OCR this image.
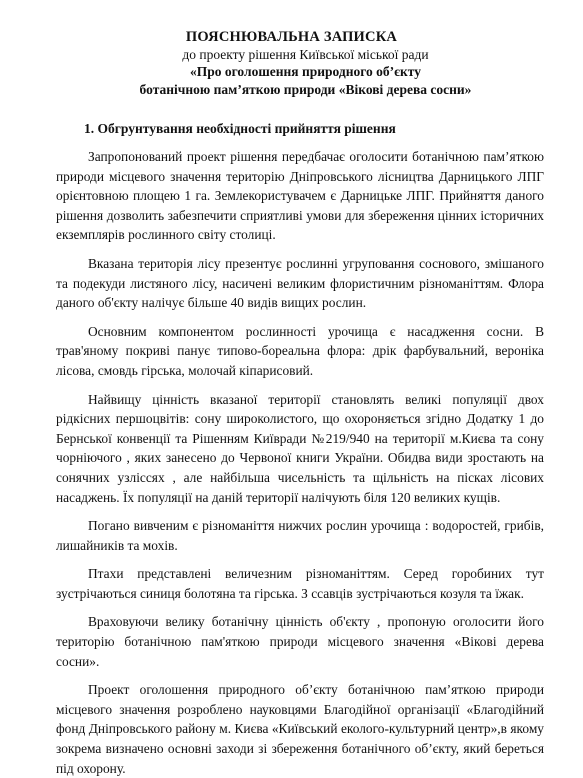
ПОЯСНЮВАЛЬНА ЗАПИСКА
до проекту рішення Київської міської ради
«Про оголошення природного об’єкту
ботанічною пам’яткою природи «Вікові дерева сосни»
1. Обгрунтування необхідності прийняття рішення

Запропонований проект рішення передбачає оголосити ботанічною пам’яткою природи місцевого значення територію Дніпровського лісництва Дарницького ЛПГ орієнтовною площею 1 га. Землекористувачем є Дарницьке ЛПГ. Прийняття даного рішення дозволить забезпечити сприятливі умови для збереження цінних історичних екземплярів рослинного світу столиці.

Вказана територія лісу презентує рослинні угруповання соснового, змішаного та подекуди листяного лісу, насичені великим флористичним різноманіттям. Флора даного об'єкту налічує більше 40 видів вищих рослин.

Основним компонентом рослинності урочища є насадження сосни. В трав'яному покриві панує типово-бореальна флора: дрік фарбувальний, вероніка лісова, смовдь гірська, молочай кіпарисовий.

Найвищу цінність вказаної території становлять великі популяції двох рідкісних першоцвітів: сону широколистого, що охороняється згідно Додатку 1 до Бернської конвенції та Рішенням Київради №219/940 на території м.Києва та сону чорніючого , яких занесено до Червоної книги України. Обидва види зростають на сонячних узліссях , але найбільша чисельність та щільність на пісках лісових насаджень. Їх популяції на даній території налічують біля 120 великих кущів.

Погано вивченим є різноманіття нижчих рослин урочища : водоростей, грибів, лишайників та мохів.

Птахи представлені величезним різноманіттям. Серед горобиних тут зустрічаються синиця болотяна та гірська. З ссавців зустрічаються козуля та їжак.

Враховуючи велику ботанічну цінність об'єкту , пропоную оголосити його територію ботанічною пам'яткою природи місцевого значення «Вікові дерева сосни».

Проект оголошення природного об’єкту ботанічною пам’яткою природи місцевого значення розроблено науковцями Благодійної організації «Благодійний фонд Дніпровського району м. Києва «Київський еколого-культурний центр»,в якому зокрема визначено основні заходи зі збереження ботанічного об’єкту, який береться під охорону.
